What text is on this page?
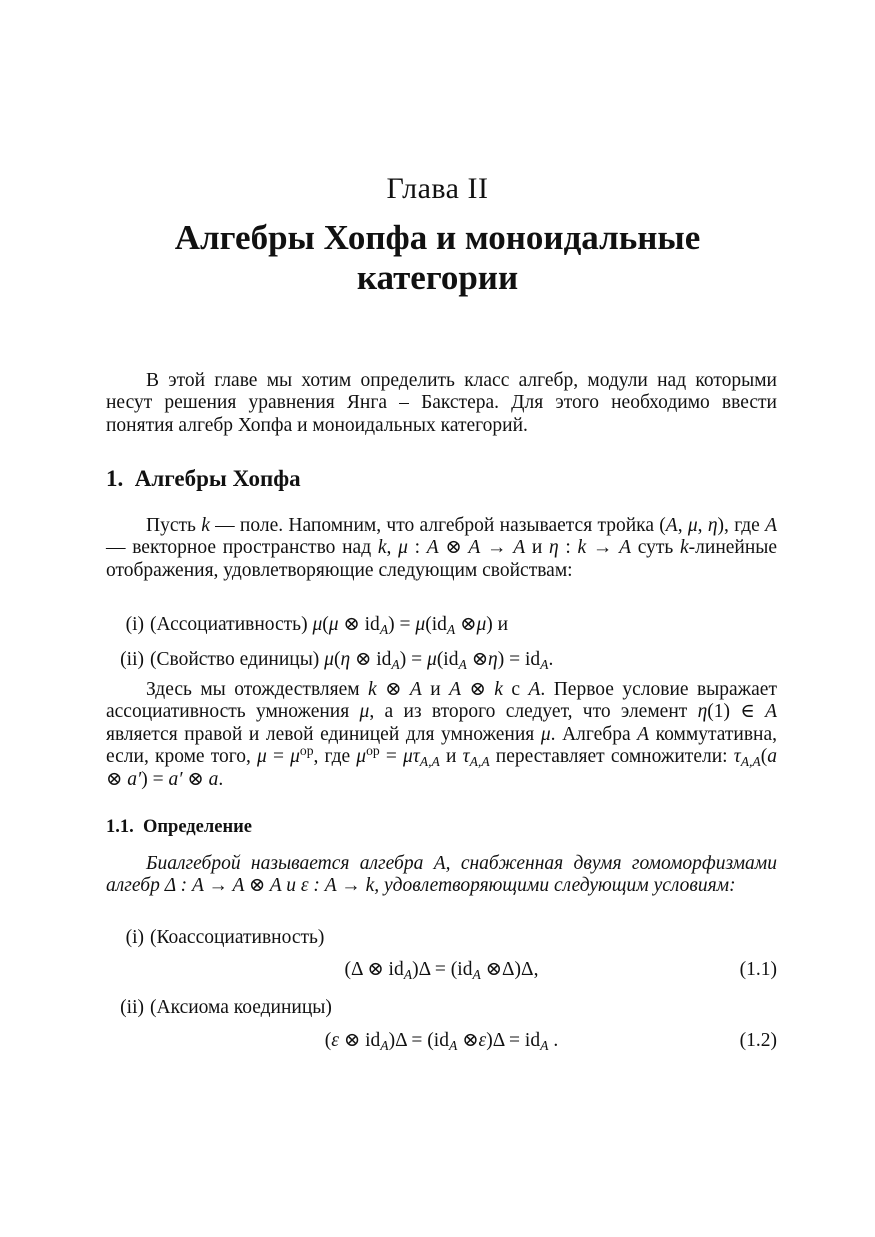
Глава II
Алгебры Хопфа и моноидальные
категории

В этой главе мы хотим определить класс алгебр, модули над которыми несут решения уравнения Янга – Бакстера. Для этого необходимо ввести понятия алгебр Хопфа и моноидальных категорий.

1. Алгебры Хопфа

Пусть k — поле. Напомним, что алгеброй называется тройка (A, μ, η), где A — векторное пространство над k, μ : A ⊗ A → A и η : k → A суть k-линейные отображения, удовлетворяющие следующим свойствам:

(i) (Ассоциативность) μ(μ ⊗ $id_A) = \mu(id_A$ ⊗μ) и
(ii) (Свойство единицы) μ(η ⊗ $id_A) = \mu(id_A$ ⊗η) = $id_A$.

Здесь мы отождествляем k ⊗ A и A ⊗ k с A. Первое условие выражает ассоциативность умножения μ, а из второго следует, что элемент η(1) ∈ A является правой и левой единицей для умножения μ. Алгебра A коммутативна, если, кроме того, $\mu = \mu^{op}$, где $\mu^{op} = \mu\tau_{A,A}$ и $\tau_{A,A}$ переставляет сомножители: $\tau_{A,A}(a$ ⊗ a′) = a′ ⊗ a.

1.1. Определение

Биалгеброй называется алгебра A, снабженная двумя гомоморфизмами алгебр Δ : A → A ⊗ A и ε : A → k, удовлетворяющими следующим условиям:

(i) (Коассоциативность)
(Δ ⊗ $id_A)\Delta = (id_A$ ⊗Δ)Δ,	(1.1)
(ii) (Аксиома коединицы)
(ε ⊗ $id_A)\Delta = (id_A$ ⊗ε)Δ = $id_A$ .	(1.2)
